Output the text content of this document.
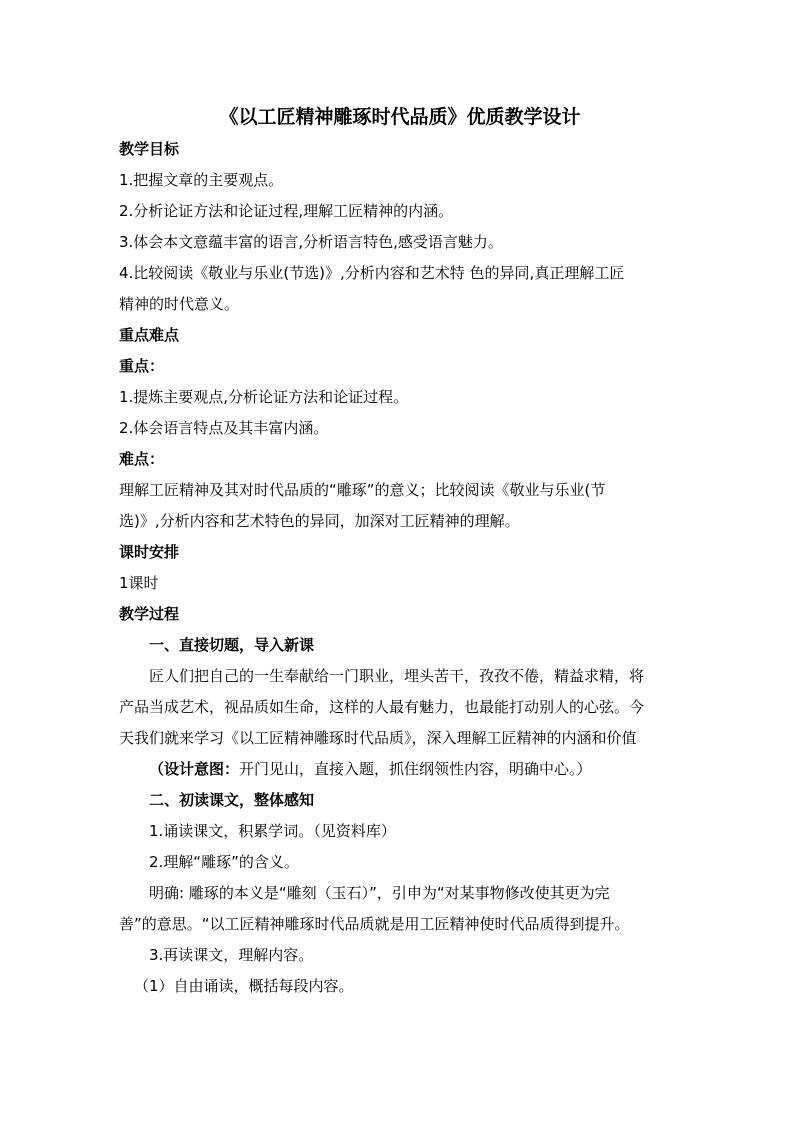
《以工匠精神雕琢时代品质》优质教学设计
教学目标
1.把握文章的主要观点。
2.分析论证方法和论证过程,理解工匠精神的内涵。
3.体会本文意蕴丰富的语言,分析语言特色,感受语言魅力。
4.比较阅读《敬业与乐业(节选)》,分析内容和艺术特 色的异同,真正理解工匠
精神的时代意义。
重点难点
重点：
1.提炼主要观点,分析论证方法和论证过程。
2.体会语言特点及其丰富内涵。
难点：
理解工匠精神及其对时代品质的“雕琢”的意义；比较阅读《敬业与乐业(节
选)》,分析内容和艺术特色的异同，加深对工匠精神的理解。
课时安排
1课时
教学过程
一、直接切题，导入新课
匠人们把自己的一生奉献给一门职业，埋头苦干，孜孜不倦，精益求精，将
产品当成艺术，视品质如生命，这样的人最有魅力，也最能打动别人的心弦。今
天我们就来学习《以工匠精神雕琢时代品质》，深入理解工匠精神的内涵和价值
（设计意图：开门见山，直接入题，抓住纲领性内容，明确中心。）
二、初读课文，整体感知
1.诵读课文，积累学词。（见资料库）
2.理解“雕琢”的含义。
明确: 雕琢的本义是“雕刻（玉石）”，引申为“对某事物修改使其更为完
善”的意思。“以工匠精神雕琢时代品质就是用工匠精神使时代品质得到提升。
3.再读课文，理解内容。
（1）自由诵读，概括每段内容。
